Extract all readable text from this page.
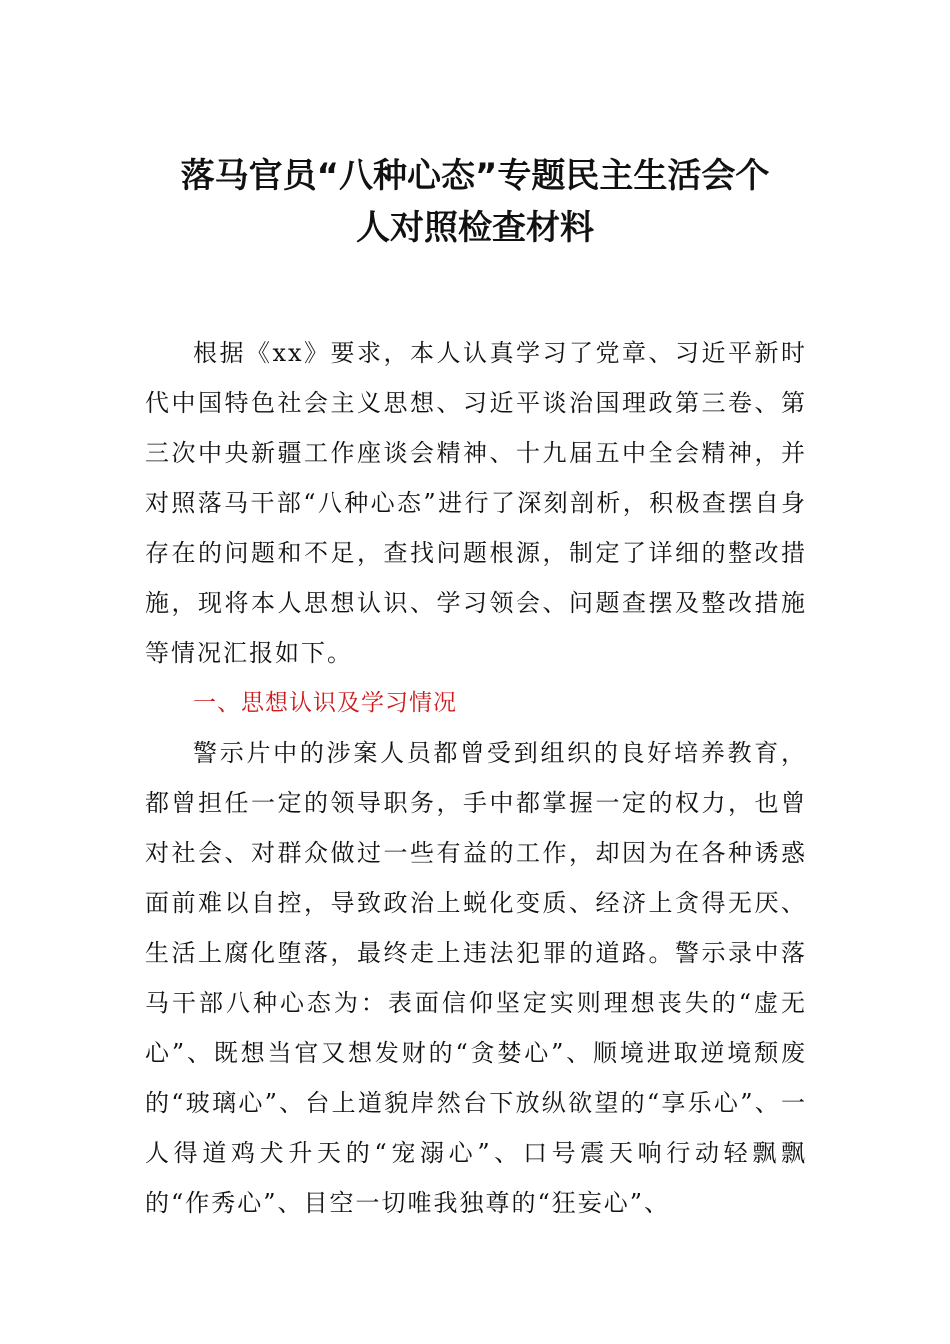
落马官员“八种心态”专题民主生活会个
人对照检查材料

根据《xx》要求，本人认真学习了党章、习近平新时代中国特色社会主义思想、习近平谈治国理政第三卷、第三次中央新疆工作座谈会精神、十九届五中全会精神，并对照落马干部“八种心态”进行了深刻剖析，积极查摆自身存在的问题和不足，查找问题根源，制定了详细的整改措施，现将本人思想认识、学习领会、问题查摆及整改措施等情况汇报如下。

一、思想认识及学习情况

警示片中的涉案人员都曾受到组织的良好培养教育，都曾担任一定的领导职务，手中都掌握一定的权力，也曾对社会、对群众做过一些有益的工作，却因为在各种诱惑面前难以自控，导致政治上蜕化变质、经济上贪得无厌、生活上腐化堕落，最终走上违法犯罪的道路。警示录中落马干部八种心态为：表面信仰坚定实则理想丧失的“虚无心”、既想当官又想发财的“贪婪心”、顺境进取逆境颓废的“玻璃心”、台上道貌岸然台下放纵欲望的“享乐心”、一人得道鸡犬升天的“宠溺心”、口号震天响行动轻飘飘的“作秀心”、目空一切唯我独尊的“狂妄心”、
